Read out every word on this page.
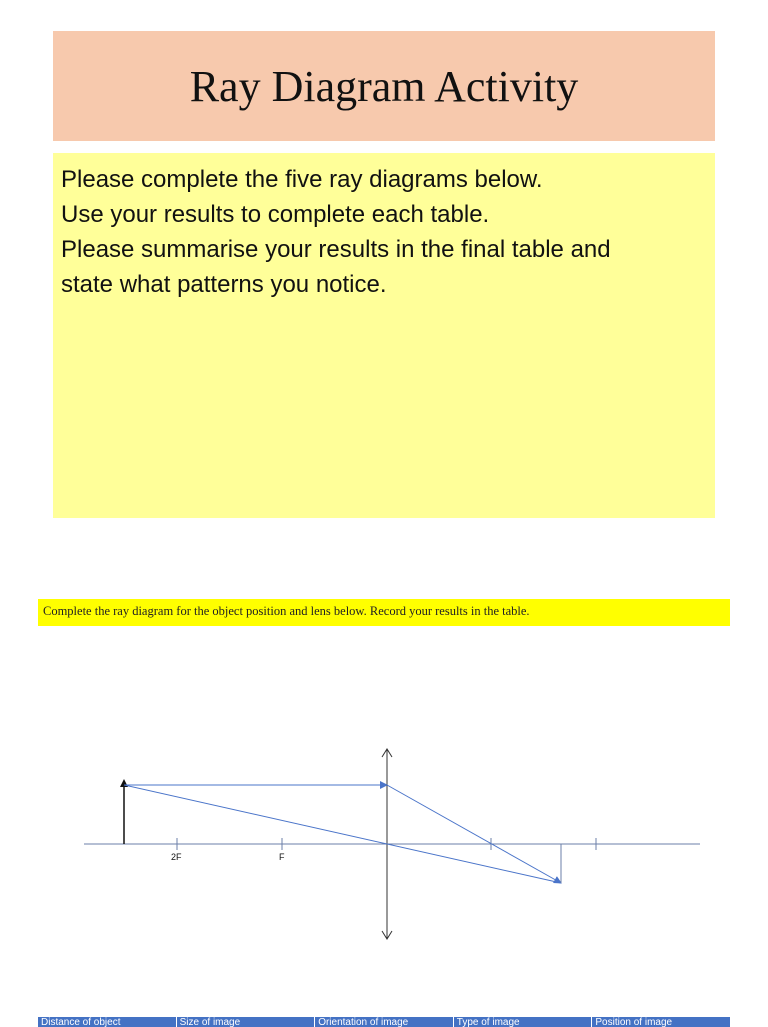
Ray Diagram Activity

Please complete the five ray diagrams below.

Use your results to complete each table.

Please summarise your results in the final table and

state what patterns you notice.

Complete the ray diagram for the object position and lens below. Record your results in the table.
2F	F
Distance of object	Size of image	Orientation of image	Type of image	Position of image
